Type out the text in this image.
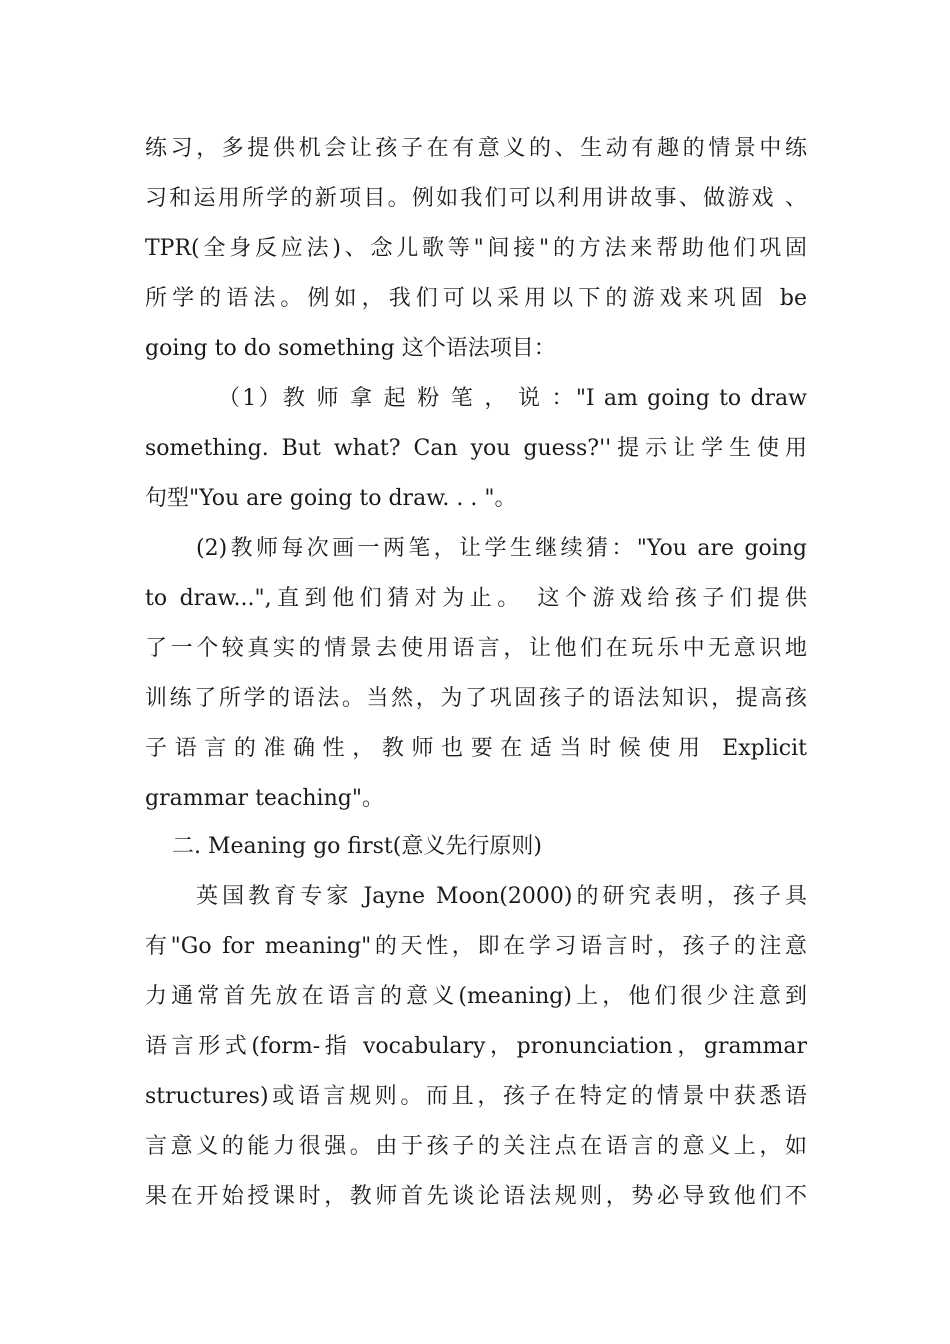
练习，多提供机会让孩子在有意义的、生动有趣的情景中练
习和运用所学的新项目。例如我们可以利用讲故事、做游戏 、
TPR(全身反应法)、念儿歌等"间接"的方法来帮助他们巩固
所学的语法。例如，我们可以采用以下的游戏来巩固 be
going to do something 这个语法项目：
（1）教 师 拿 起 粉 笔 ， 说 ："I am going to draw
something. But what? Can you guess?''提示让学生使用
句型"You are going to draw. . . "。
(2)教师每次画一两笔，让学生继续猜："You are going
to draw...",直到他们猜对为止。 这个游戏给孩子们提供
了一个较真实的情景去使用语言，让他们在玩乐中无意识地
训练了所学的语法。当然，为了巩固孩子的语法知识，提高孩
子语言的准确性，教师也要在适当时候使用 Explicit
grammar teaching"。
二. Meaning go first(意义先行原则)
英国教育专家 Jayne Moon(2000)的研究表明，孩子具
有"Go for meaning"的天性，即在学习语言时，孩子的注意
力通常首先放在语言的意义(meaning)上，他们很少注意到
语言形式(form-指 vocabulary，pronunciation，grammar
structures)或语言规则。而且，孩子在特定的情景中获悉语
言意义的能力很强。由于孩子的关注点在语言的意义上，如
果在开始授课时，教师首先谈论语法规则，势必导致他们不
